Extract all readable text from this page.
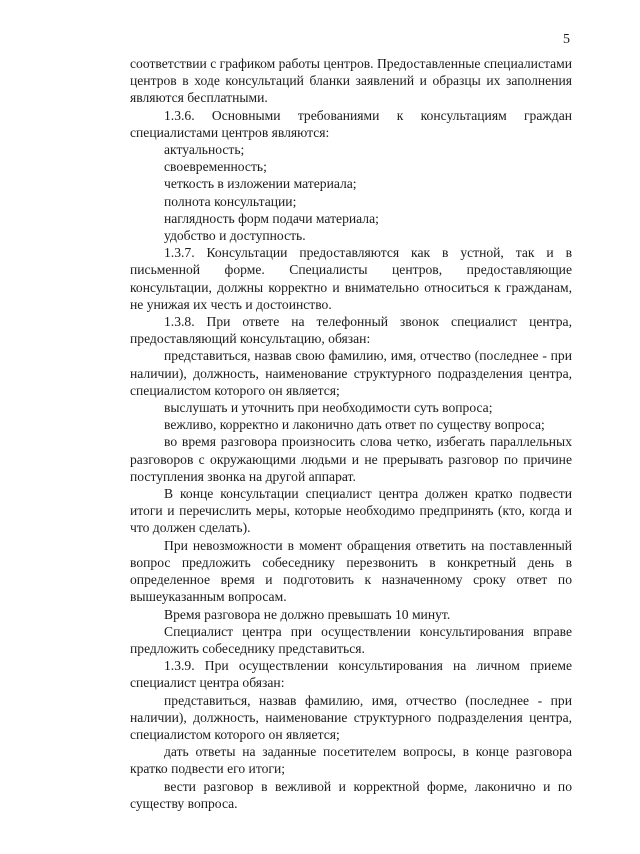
5

соответствии с графиком работы центров. Предоставленные специалистами центров в ходе консультаций бланки заявлений и образцы их заполнения являются бесплатными.

1.3.6. Основными требованиями к консультациям граждан специалистами центров являются:

актуальность;

своевременность;

четкость в изложении материала;

полнота консультации;

наглядность форм подачи материала;

удобство и доступность.

1.3.7. Консультации предоставляются как в устной, так и в письменной форме. Специалисты центров, предоставляющие консультации, должны корректно и внимательно относиться к гражданам, не унижая их честь и достоинство.

1.3.8. При ответе на телефонный звонок специалист центра, предоставляющий консультацию, обязан:

представиться, назвав свою фамилию, имя, отчество (последнее - при наличии), должность, наименование структурного подразделения центра, специалистом которого он является;

выслушать и уточнить при необходимости суть вопроса;

вежливо, корректно и лаконично дать ответ по существу вопроса;

во время разговора произносить слова четко, избегать параллельных разговоров с окружающими людьми и не прерывать разговор по причине поступления звонка на другой аппарат.

В конце консультации специалист центра должен кратко подвести итоги и перечислить меры, которые необходимо предпринять (кто, когда и что должен сделать).

При невозможности в момент обращения ответить на поставленный вопрос предложить собеседнику перезвонить в конкретный день в определенное время и подготовить к назначенному сроку ответ по вышеуказанным вопросам.

Время разговора не должно превышать 10 минут.

Специалист центра при осуществлении консультирования вправе предложить собеседнику представиться.

1.3.9. При осуществлении консультирования на личном приеме специалист центра обязан:

представиться, назвав фамилию, имя, отчество (последнее - при наличии), должность, наименование структурного подразделения центра, специалистом которого он является;

дать ответы на заданные посетителем вопросы, в конце разговора кратко подвести его итоги;

вести разговор в вежливой и корректной форме, лаконично и по существу вопроса.
